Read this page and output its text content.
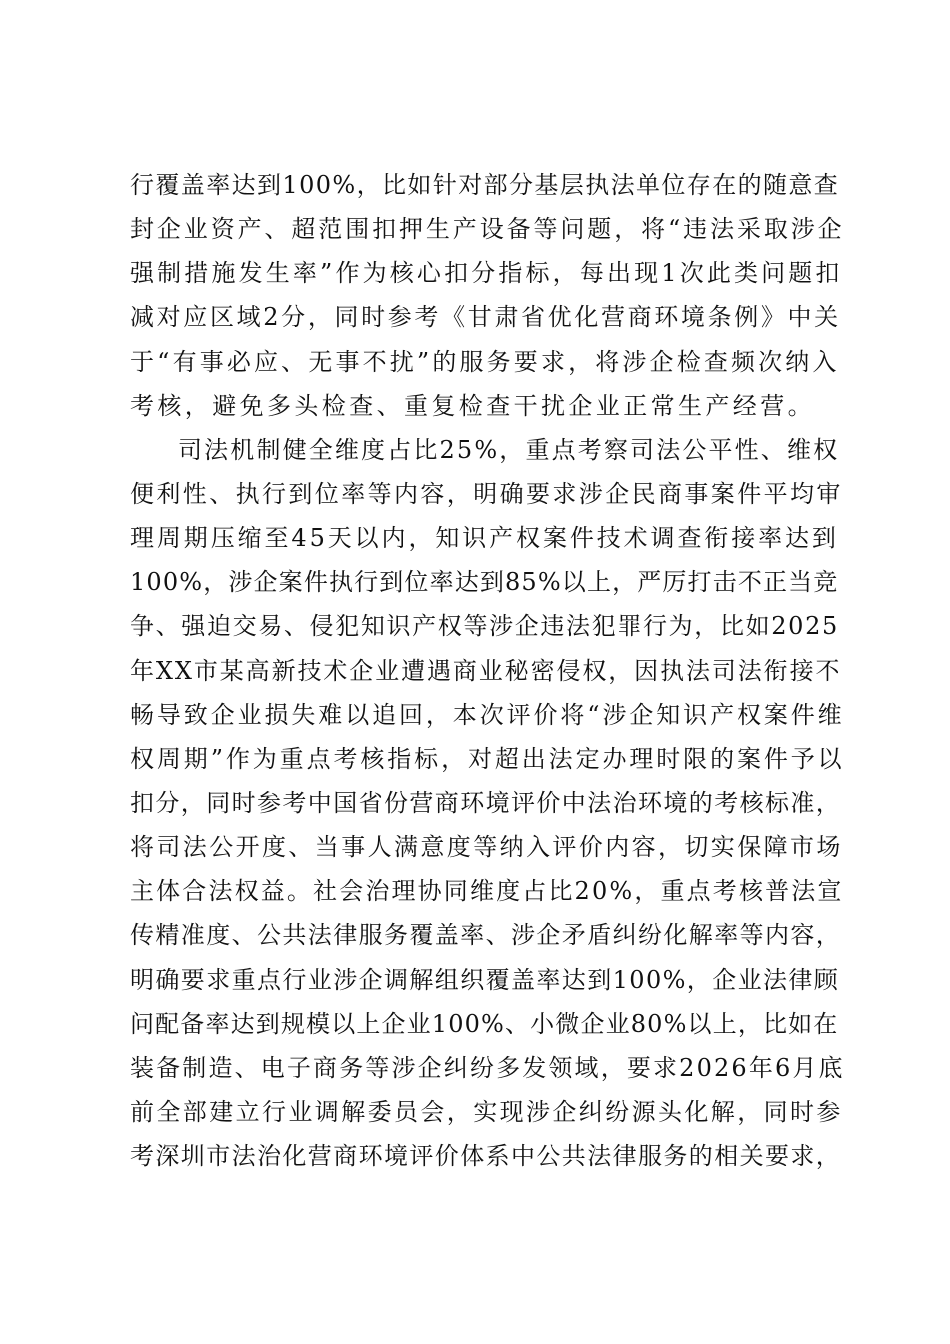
行覆盖率达到100%，比如针对部分基层执法单位存在的随意查
封企业资产、超范围扣押生产设备等问题，将“违法采取涉企
强制措施发生率”作为核心扣分指标，每出现1次此类问题扣
减对应区域2分，同时参考《甘肃省优化营商环境条例》中关
于“有事必应、无事不扰”的服务要求，将涉企检查频次纳入
考核，避免多头检查、重复检查干扰企业正常生产经营。
司法机制健全维度占比25%，重点考察司法公平性、维权
便利性、执行到位率等内容，明确要求涉企民商事案件平均审
理周期压缩至45天以内，知识产权案件技术调查衔接率达到
100%，涉企案件执行到位率达到85%以上，严厉打击不正当竞
争、强迫交易、侵犯知识产权等涉企违法犯罪行为，比如2025
年XX市某高新技术企业遭遇商业秘密侵权，因执法司法衔接不
畅导致企业损失难以追回，本次评价将“涉企知识产权案件维
权周期”作为重点考核指标，对超出法定办理时限的案件予以
扣分，同时参考中国省份营商环境评价中法治环境的考核标准，
将司法公开度、当事人满意度等纳入评价内容，切实保障市场
主体合法权益。社会治理协同维度占比20%，重点考核普法宣
传精准度、公共法律服务覆盖率、涉企矛盾纠纷化解率等内容，
明确要求重点行业涉企调解组织覆盖率达到100%，企业法律顾
问配备率达到规模以上企业100%、小微企业80%以上，比如在
装备制造、电子商务等涉企纠纷多发领域，要求2026年6月底
前全部建立行业调解委员会，实现涉企纠纷源头化解，同时参
考深圳市法治化营商环境评价体系中公共法律服务的相关要求，
